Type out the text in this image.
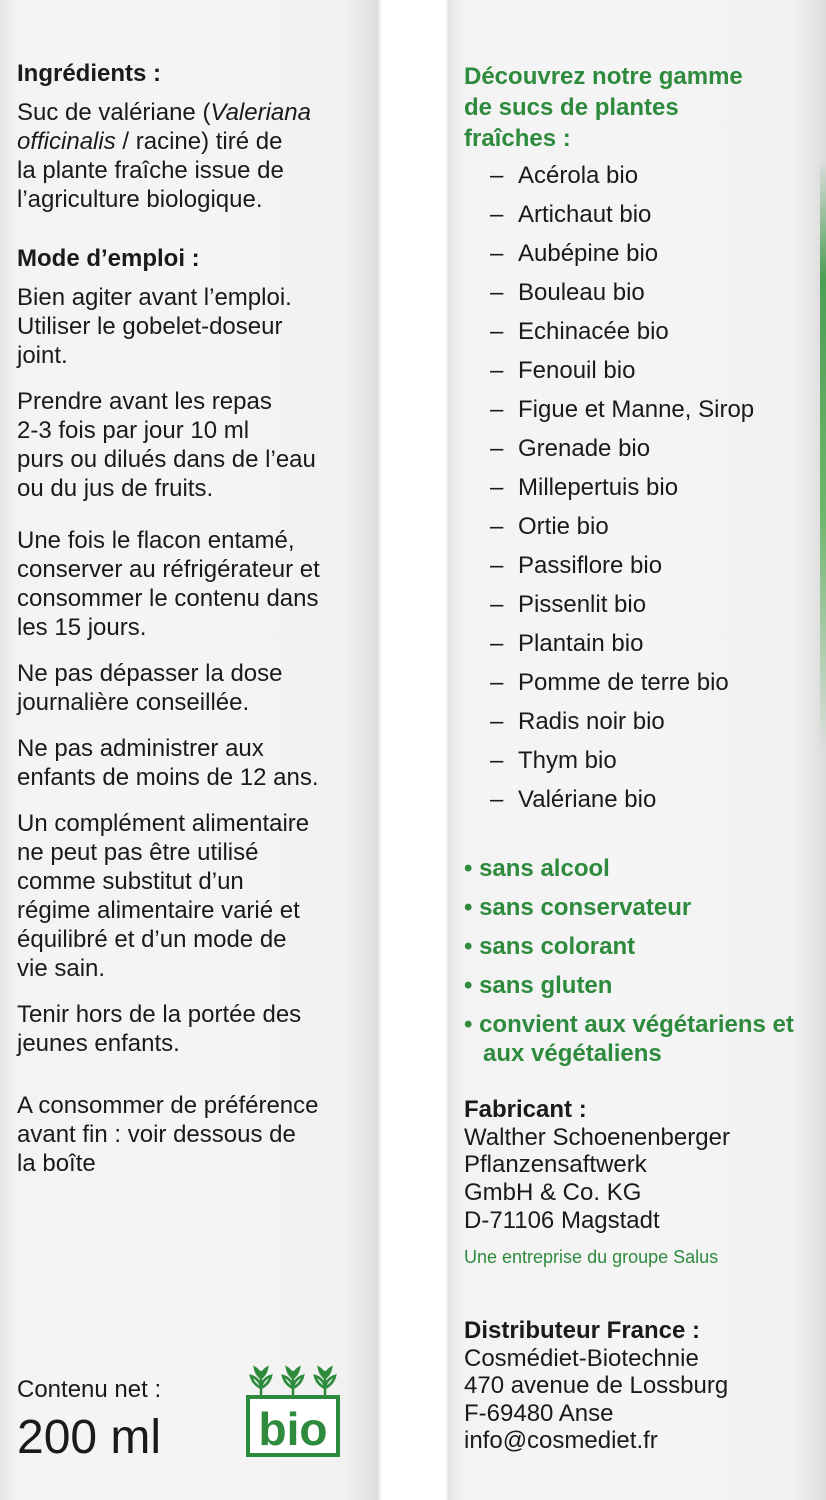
Ingrédients :
Suc de valériane (Valeriana
officinalis / racine) tiré de
la plante fraîche issue de
l’agriculture biologique.
Mode d’emploi :
Bien agiter avant l’emploi.
Utiliser le gobelet-doseur
joint.
Prendre avant les repas
2-3 fois par jour 10 ml
purs ou dilués dans de l’eau
ou du jus de fruits.
Une fois le flacon entamé,
conserver au réfrigérateur et
consommer le contenu dans
les 15 jours.
Ne pas dépasser la dose
journalière conseillée.
Ne pas administrer aux
enfants de moins de 12 ans.
Un complément alimentaire
ne peut pas être utilisé
comme substitut d’un
régime alimentaire varié et
équilibré et d’un mode de
vie sain.
Tenir hors de la portée des
jeunes enfants.
A consommer de préférence
avant fin : voir dessous de
la boîte
Contenu net :
200 ml bio
Découvrez notre gamme
de sucs de plantes
fraîches :
– Acérola bio
– Artichaut bio
– Aubépine bio
– Bouleau bio
– Echinacée bio
– Fenouil bio
– Figue et Manne, Sirop
– Grenade bio
– Millepertuis bio
– Ortie bio
– Passiflore bio
– Pissenlit bio
– Plantain bio
– Pomme de terre bio
– Radis noir bio
– Thym bio
– Valériane bio
• sans alcool
• sans conservateur
• sans colorant
• sans gluten
• convient aux végétariens et
aux végétaliens
Fabricant :
Walther Schoenenberger
Pflanzensaftwerk
GmbH & Co. KG
D-71106 Magstadt
Une entreprise du groupe Salus
Distributeur France :
Cosmédiet-Biotechnie
470 avenue de Lossburg
F-69480 Anse
info@cosmediet.fr
